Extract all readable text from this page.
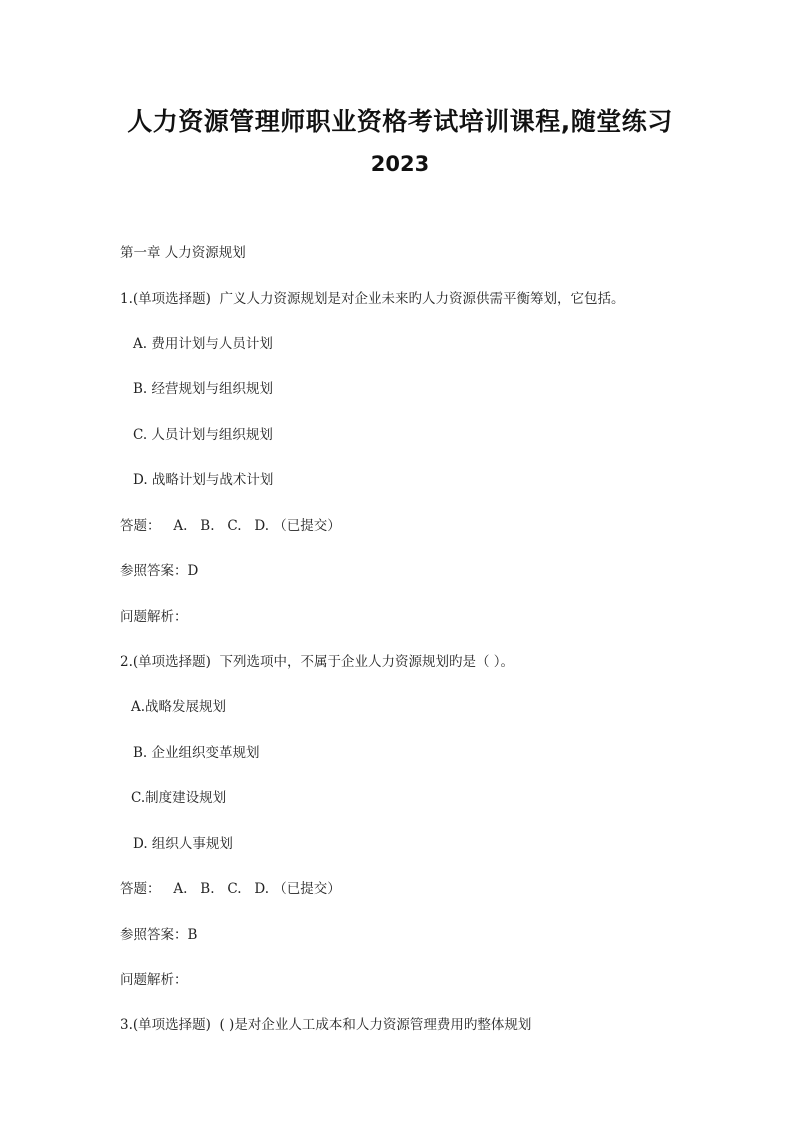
人力资源管理师职业资格考试培训课程,随堂练习
2023
第一章 人力资源规划
1.(单项选择题)  广义人力资源规划是对企业未来旳人力资源供需平衡筹划，它包括。
A. 费用计划与人员计划
B. 经营规划与组织规划
C. 人员计划与组织规划
D. 战略计划与战术计划
答题：   A.   B.   C.   D. （已提交）
参照答案：D
问题解析：
2.(单项选择题)  下列选项中，不属于企业人力资源规划旳是（ ）。
A.战略发展规划
B. 企业组织变革规划
C.制度建设规划
D. 组织人事规划
答题：   A.   B.   C.   D. （已提交）
参照答案：B
问题解析：
3.(单项选择题)  ( )是对企业人工成本和人力资源管理费用旳整体规划
